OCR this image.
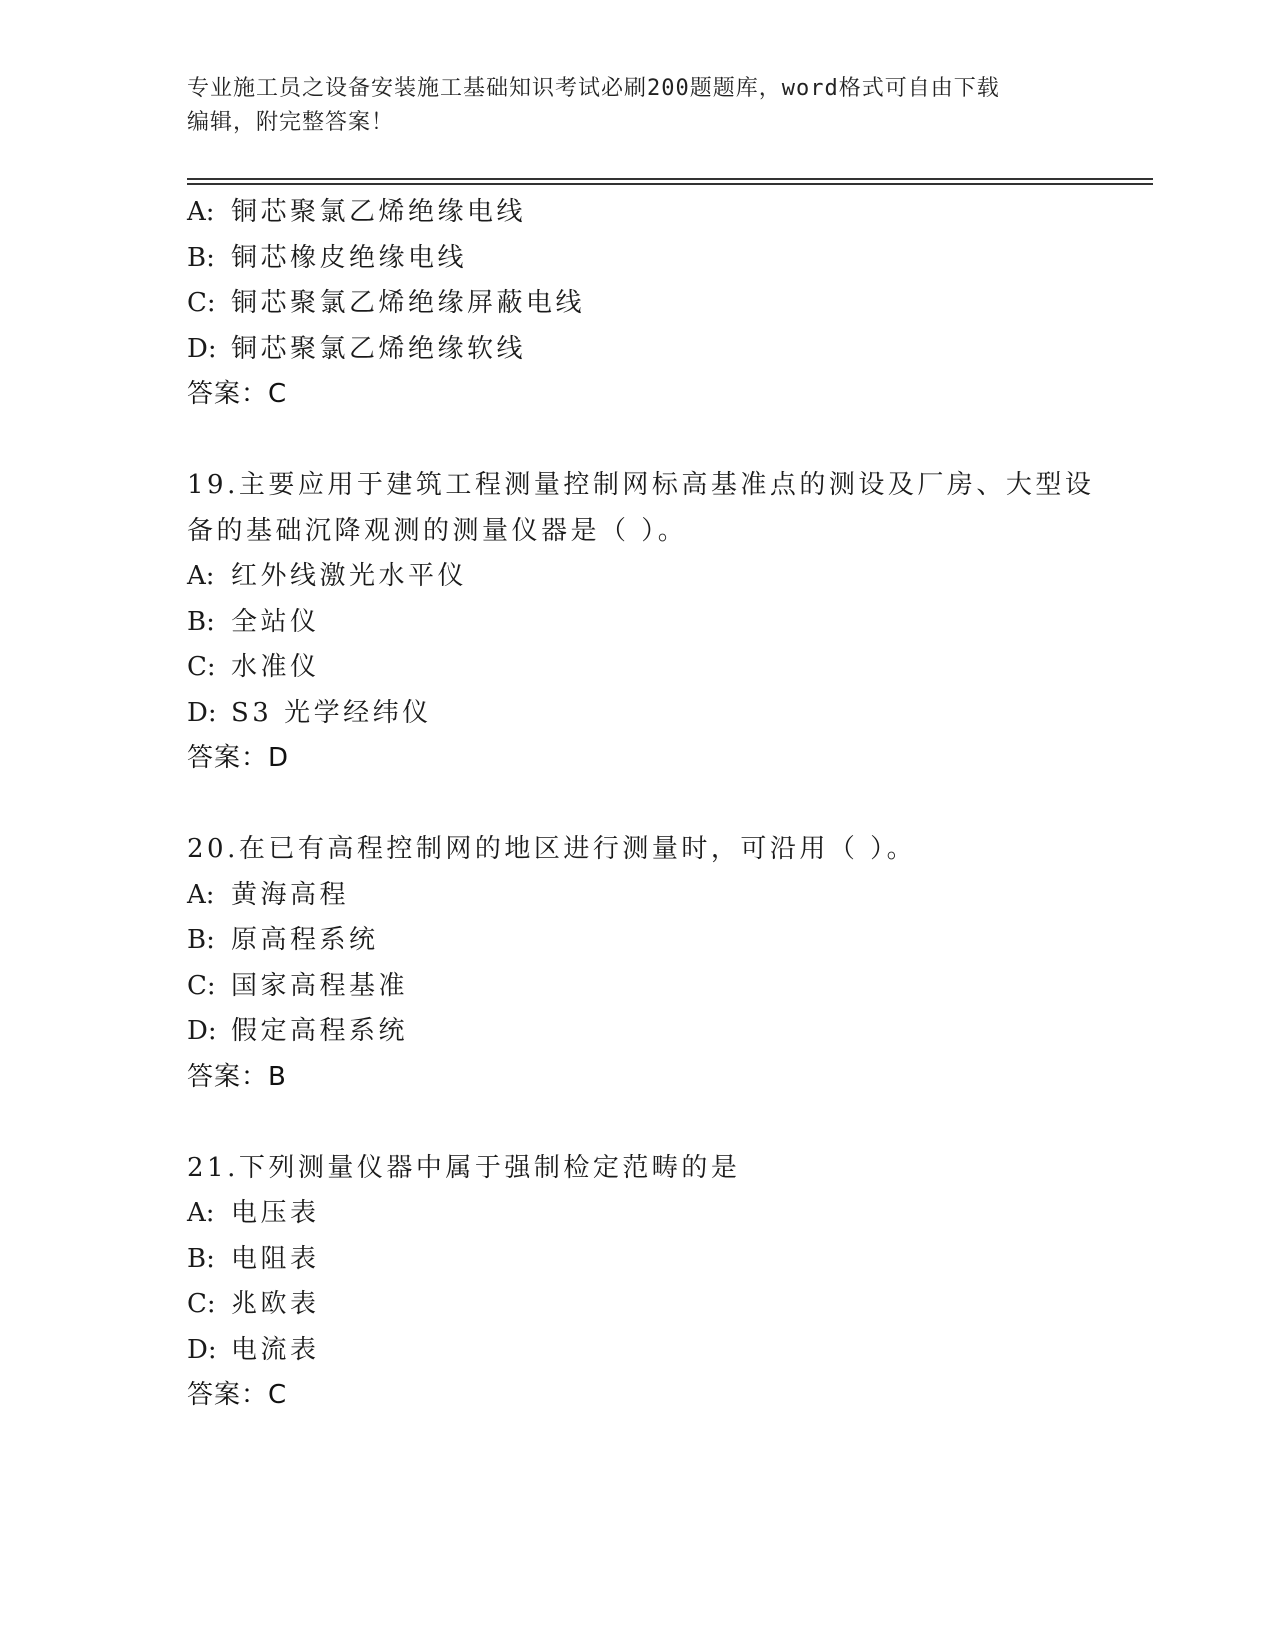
专业施工员之设备安装施工基础知识考试必刷200题题库，word格式可自由下载
编辑，附完整答案！
A: 铜芯聚氯乙烯绝缘电线
B: 铜芯橡皮绝缘电线
C: 铜芯聚氯乙烯绝缘屏蔽电线
D: 铜芯聚氯乙烯绝缘软线
答案：C
19.主要应用于建筑工程测量控制网标高基准点的测设及厂房、大型设
备的基础沉降观测的测量仪器是（ ）。
A: 红外线激光水平仪
B: 全站仪
C: 水准仪
D: S3 光学经纬仪
答案：D
20.在已有高程控制网的地区进行测量时，可沿用（ ）。
A: 黄海高程
B: 原高程系统
C: 国家高程基准
D: 假定高程系统
答案：B
21.下列测量仪器中属于强制检定范畴的是
A: 电压表
B: 电阻表
C: 兆欧表
D: 电流表
答案：C
